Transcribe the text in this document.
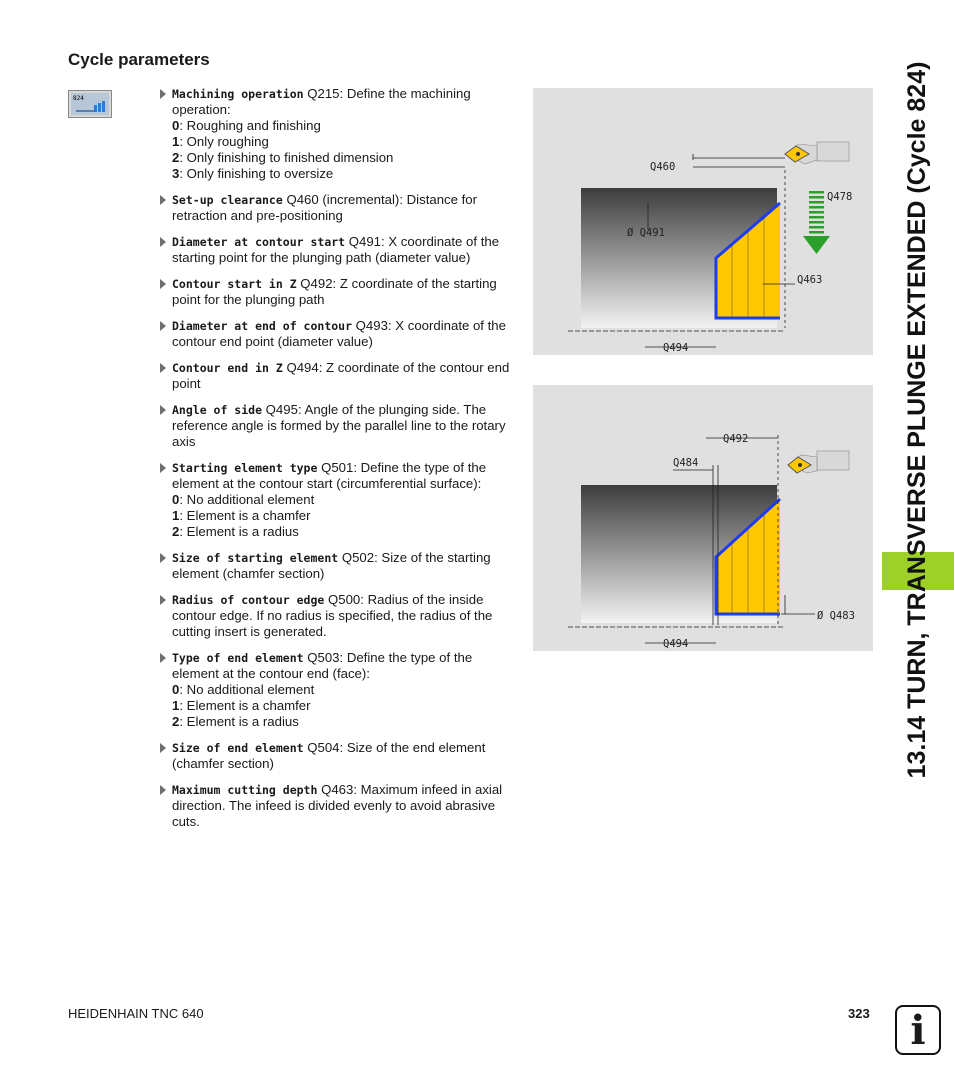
Cycle parameters
824	Machining operation Q215: Define the machining operation:
0: Roughing and finishing
1: Only roughing
2: Only finishing to finished dimension
3: Only finishing to oversize
Set-up clearance Q460 (incremental): Distance for retraction and pre-positioning
Diameter at contour start Q491: X coordinate of the starting point for the plunging path (diameter value)
Contour start in Z Q492: Z coordinate of the starting point for the plunging path
Diameter at end of contour Q493: X coordinate of the contour end point (diameter value)
Contour end in Z Q494: Z coordinate of the contour end point
Angle of side Q495: Angle of the plunging side. The reference angle is formed by the parallel line to the rotary axis
Starting element type Q501: Define the type of the element at the contour start (circumferential surface):
0: No additional element
1: Element is a chamfer
2: Element is a radius
Size of starting element Q502: Size of the starting element (chamfer section)
Radius of contour edge Q500: Radius of the inside contour edge. If no radius is specified, the radius of the cutting insert is generated.
Type of end element Q503: Define the type of the element at the contour end (face):
0: No additional element
1: Element is a chamfer
2: Element is a radius
Size of end element Q504: Size of the end element (chamfer section)
Maximum cutting depth Q463: Maximum infeed in axial direction. The infeed is divided evenly to avoid abrasive cuts.
Q460
Ø Q491
Q463
Q478
Q494
Q492
Q484
Ø Q483
Q494	13.14 TURN, TRANSVERSE PLUNGE EXTENDED (Cycle 824)
HEIDENHAIN TNC 640	323	i
